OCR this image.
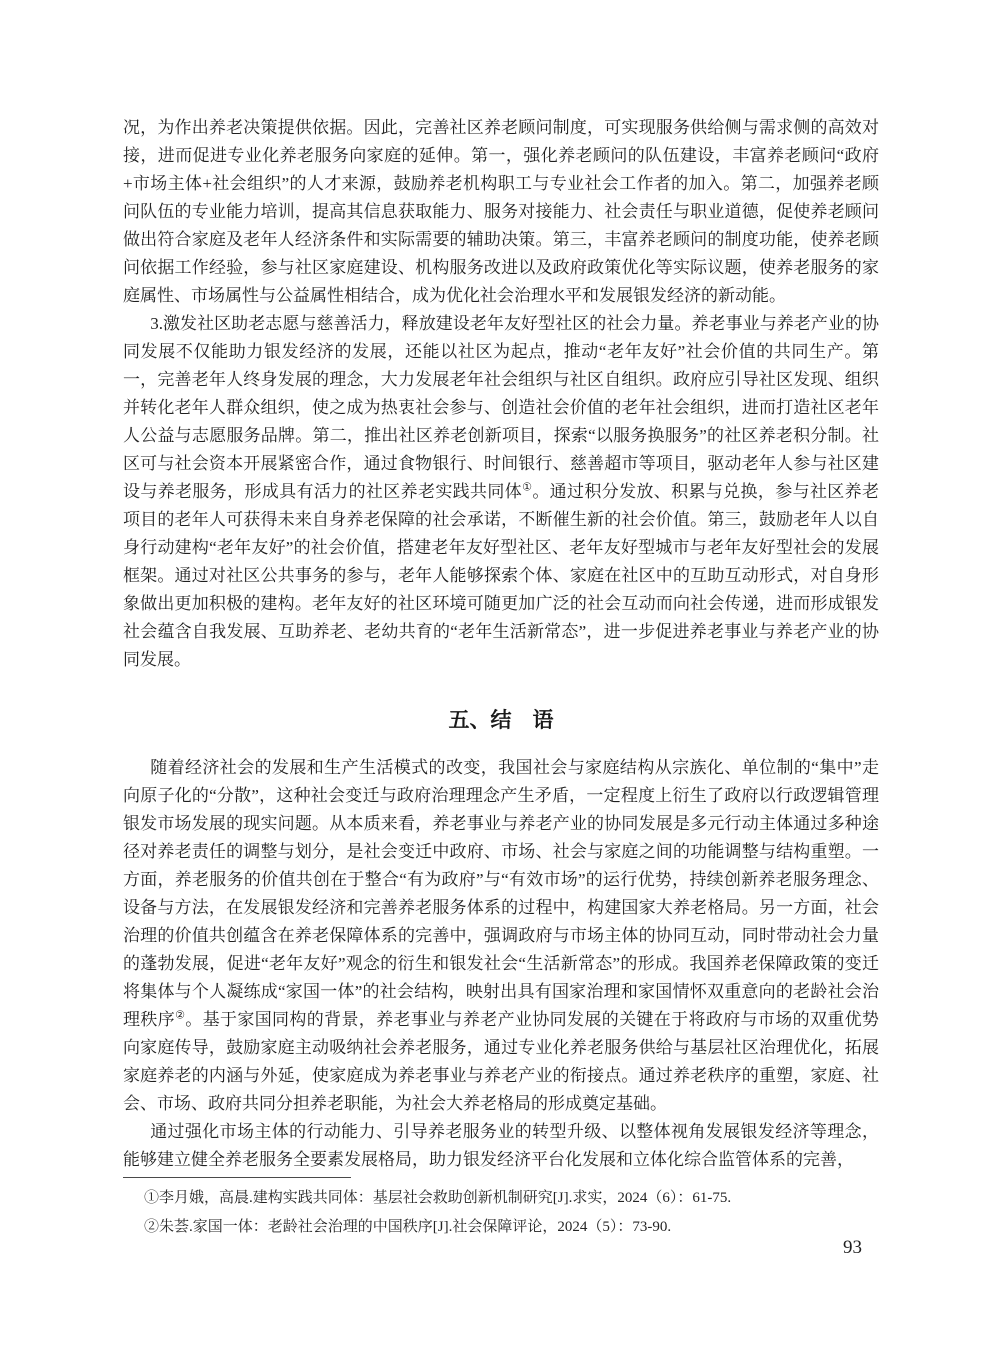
况，为作出养老决策提供依据。因此，完善社区养老顾问制度，可实现服务供给侧与需求侧的高效对接，进而促进专业化养老服务向家庭的延伸。第一，强化养老顾问的队伍建设，丰富养老顾问“政府+市场主体+社会组织”的人才来源，鼓励养老机构职工与专业社会工作者的加入。第二，加强养老顾问队伍的专业能力培训，提高其信息获取能力、服务对接能力、社会责任与职业道德，促使养老顾问做出符合家庭及老年人经济条件和实际需要的辅助决策。第三，丰富养老顾问的制度功能，使养老顾问依据工作经验，参与社区家庭建设、机构服务改进以及政府政策优化等实际议题，使养老服务的家庭属性、市场属性与公益属性相结合，成为优化社会治理水平和发展银发经济的新动能。

3.激发社区助老志愿与慈善活力，释放建设老年友好型社区的社会力量。养老事业与养老产业的协同发展不仅能助力银发经济的发展，还能以社区为起点，推动“老年友好”社会价值的共同生产。第一，完善老年人终身发展的理念，大力发展老年社会组织与社区自组织。政府应引导社区发现、组织并转化老年人群众组织，使之成为热衷社会参与、创造社会价值的老年社会组织，进而打造社区老年人公益与志愿服务品牌。第二，推出社区养老创新项目，探索“以服务换服务”的社区养老积分制。社区可与社会资本开展紧密合作，通过食物银行、时间银行、慈善超市等项目，驱动老年人参与社区建设与养老服务，形成具有活力的社区养老实践共同体①。通过积分发放、积累与兑换，参与社区养老项目的老年人可获得未来自身养老保障的社会承诺，不断催生新的社会价值。第三，鼓励老年人以自身行动建构“老年友好”的社会价值，搭建老年友好型社区、老年友好型城市与老年友好型社会的发展框架。通过对社区公共事务的参与，老年人能够探索个体、家庭在社区中的互助互动形式，对自身形象做出更加积极的建构。老年友好的社区环境可随更加广泛的社会互动而向社会传递，进而形成银发社会蕴含自我发展、互助养老、老幼共育的“老年生活新常态”，进一步促进养老事业与养老产业的协同发展。

五、结　语

随着经济社会的发展和生产生活模式的改变，我国社会与家庭结构从宗族化、单位制的“集中”走向原子化的“分散”，这种社会变迁与政府治理理念产生矛盾，一定程度上衍生了政府以行政逻辑管理银发市场发展的现实问题。从本质来看，养老事业与养老产业的协同发展是多元行动主体通过多种途径对养老责任的调整与划分，是社会变迁中政府、市场、社会与家庭之间的功能调整与结构重塑。一方面，养老服务的价值共创在于整合“有为政府”与“有效市场”的运行优势，持续创新养老服务理念、设备与方法，在发展银发经济和完善养老服务体系的过程中，构建国家大养老格局。另一方面，社会治理的价值共创蕴含在养老保障体系的完善中，强调政府与市场主体的协同互动，同时带动社会力量的蓬勃发展，促进“老年友好”观念的衍生和银发社会“生活新常态”的形成。我国养老保障政策的变迁将集体与个人凝练成“家国一体”的社会结构，映射出具有国家治理和家国情怀双重意向的老龄社会治理秩序②。基于家国同构的背景，养老事业与养老产业协同发展的关键在于将政府与市场的双重优势向家庭传导，鼓励家庭主动吸纳社会养老服务，通过专业化养老服务供给与基层社区治理优化，拓展家庭养老的内涵与外延，使家庭成为养老事业与养老产业的衔接点。通过养老秩序的重塑，家庭、社会、市场、政府共同分担养老职能，为社会大养老格局的形成奠定基础。

通过强化市场主体的行动能力、引导养老服务业的转型升级、以整体视角发展银发经济等理念，能够建立健全养老服务全要素发展格局，助力银发经济平台化发展和立体化综合监管体系的完善，

①李月娥，高晨.建构实践共同体：基层社会救助创新机制研究[J].求实，2024（6）：61-75.

②朱荟.家国一体：老龄社会治理的中国秩序[J].社会保障评论，2024（5）：73-90.

93
